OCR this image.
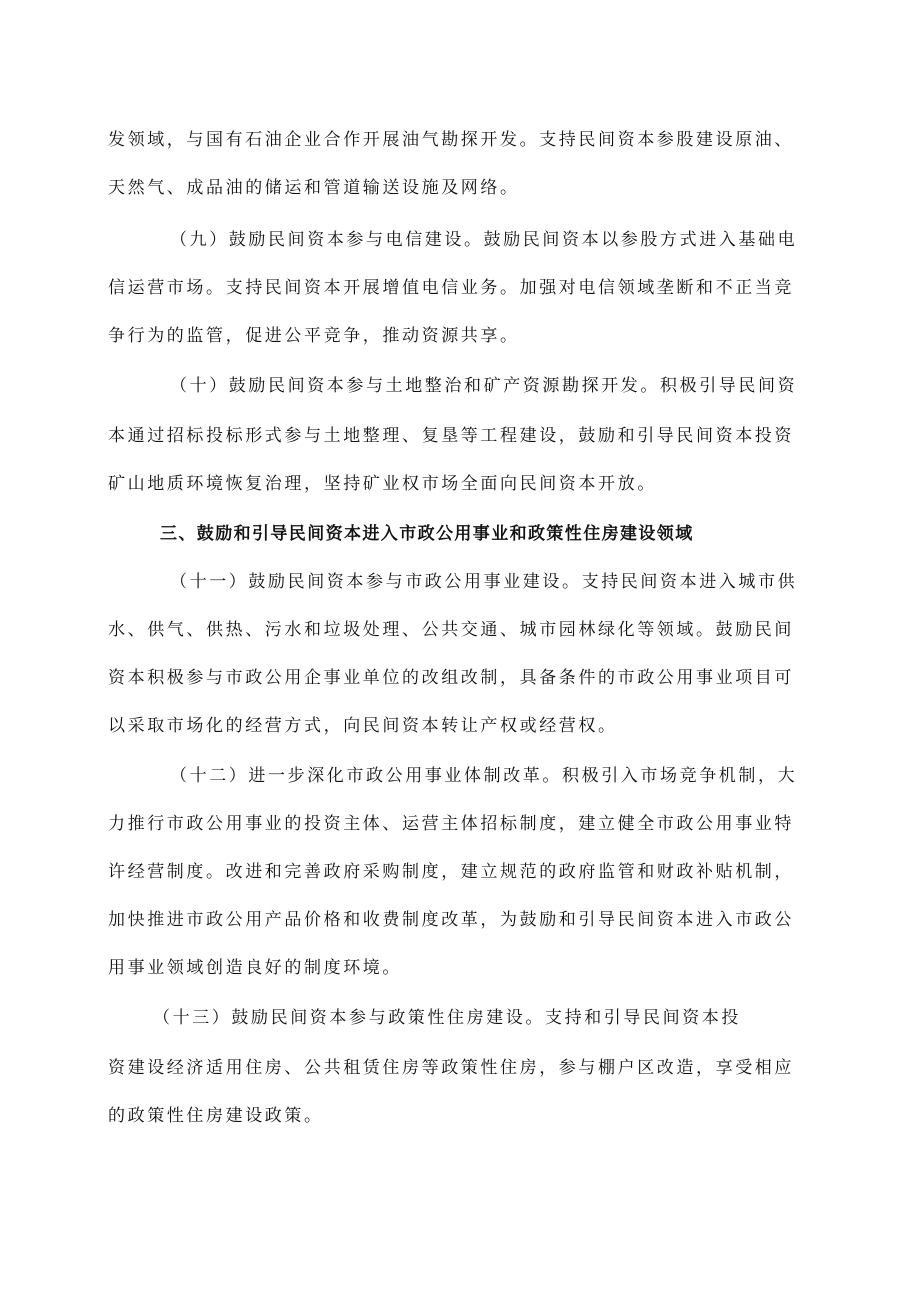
发领域，与国有石油企业合作开展油气勘探开发。支持民间资本参股建设原油、
天然气、成品油的储运和管道输送设施及网络。
（九）鼓励民间资本参与电信建设。鼓励民间资本以参股方式进入基础电
信运营市场。支持民间资本开展增值电信业务。加强对电信领域垄断和不正当竞
争行为的监管，促进公平竞争，推动资源共享。
（十）鼓励民间资本参与土地整治和矿产资源勘探开发。积极引导民间资
本通过招标投标形式参与土地整理、复垦等工程建设，鼓励和引导民间资本投资
矿山地质环境恢复治理，坚持矿业权市场全面向民间资本开放。
三、鼓励和引导民间资本进入市政公用事业和政策性住房建设领域
（十一）鼓励民间资本参与市政公用事业建设。支持民间资本进入城市供
水、供气、供热、污水和垃圾处理、公共交通、城市园林绿化等领域。鼓励民间
资本积极参与市政公用企事业单位的改组改制，具备条件的市政公用事业项目可
以采取市场化的经营方式，向民间资本转让产权或经营权。
（十二）进一步深化市政公用事业体制改革。积极引入市场竞争机制，大
力推行市政公用事业的投资主体、运营主体招标制度，建立健全市政公用事业特
许经营制度。改进和完善政府采购制度，建立规范的政府监管和财政补贴机制，
加快推进市政公用产品价格和收费制度改革，为鼓励和引导民间资本进入市政公
用事业领域创造良好的制度环境。
（十三）鼓励民间资本参与政策性住房建设。支持和引导民间资本投
资建设经济适用住房、公共租赁住房等政策性住房，参与棚户区改造，享受相应
的政策性住房建设政策。
